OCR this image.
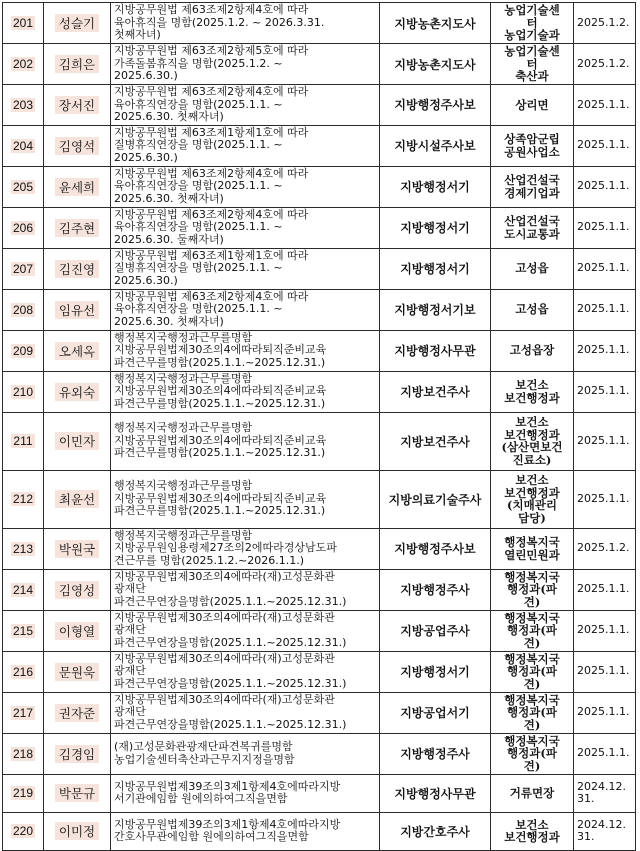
201	성슬기	지방공무원법 제63조제2항제4호에 따라
육아휴직을 명함(2025.1.2. ~ 2026.3.31.
첫째자녀)	지방농촌지도사	농업기술센
터
농업기술과	2025.1.2.
202	김희은	지방공무원법 제63조제2항제5호에 따라
가족돌봄휴직을 명함(2025.1.2. ~
2025.6.30.)	지방농촌지도사	농업기술센
터
축산과	2025.1.2.
203	장서진	지방공무원법 제63조제2항제4호에 따라
육아휴직연장을 명함(2025.1.1. ~
2025.6.30. 첫째자녀)	지방행정주사보	상리면	2025.1.1.
204	김영석	지방공무원법 제63조제1항제1호에 따라
질병휴직연장을 명함(2025.1.1. ~
2025.6.30.)	지방시설주사보	상족암군립
공원사업소	2025.1.1.
205	윤세희	지방공무원법 제63조제2항제4호에 따라
육아휴직연장을 명함(2025.1.1. ~
2025.6.30. 첫째자녀)	지방행정서기	산업건설국
경제기업과	2025.1.1.
206	김주현	지방공무원법 제63조제2항제4호에 따라
육아휴직연장을 명함(2025.1.1. ~
2025.6.30. 둘째자녀)	지방행정서기	산업건설국
도시교통과	2025.1.1.
207	김진영	지방공무원법 제63조제1항제1호에 따라
질병휴직연장을 명함(2025.1.1. ~
2025.6.30.)	지방행정서기	고성읍	2025.1.1.
208	임유선	지방공무원법 제63조제2항제4호에 따라
육아휴직연장을 명함(2025.1.1. ~
2025.6.30. 첫째자녀)	지방행정서기보	고성읍	2025.1.1.
209	오세옥	행정복지국행정과근무를명함
지방공무원법제30조의4에따라퇴직준비교육
파견근무를명함(2025.1.1.~2025.12.31.)	지방행정사무관	고성읍장	2025.1.1.
210	유외숙	행정복지국행정과근무를명함
지방공무원법제30조의4에따라퇴직준비교육
파견근무를명함(2025.1.1.~2025.12.31.)	지방보건주사	보건소
보건행정과	2025.1.1.
211	이민자	행정복지국행정과근무를명함
지방공무원법제30조의4에따라퇴직준비교육
파견근무를명함(2025.1.1.~2025.12.31.)	지방보건주사	보건소
보건행정과
(삼산면보건
진료소)	2025.1.1.
212	최윤선	행정복지국행정과근무를명함
지방공무원법제30조의4에따라퇴직준비교육
파견근무를명함(2025.1.1.~2025.12.31.)	지방의료기술주사	보건소
보건행정과
(치매관리
담당)	2025.1.1.
213	박원국	행정복지국행정과근무를명함
지방공무원임용령제27조의2에따라경상남도파
견근무를 명함(2025.1.2.~2026.1.1.)	지방행정주사보	행정복지국
열린민원과	2025.1.2.
214	김영성	지방공무원법제30조의4에따라(재)고성문화관
광재단
파견근무연장을명함(2025.1.1.~2025.12.31.)	지방행정주사	행정복지국
행정과(파
견)	2025.1.1.
215	이형열	지방공무원법제30조의4에따라(재)고성문화관
광재단
파견근무연장을명함(2025.1.1.~2025.12.31.)	지방공업주사	행정복지국
행정과(파
견)	2025.1.1.
216	문원욱	지방공무원법제30조의4에따라(재)고성문화관
광재단
파견근무연장을명함(2025.1.1.~2025.12.31.)	지방행정서기	행정복지국
행정과(파
견)	2025.1.1.
217	권자준	지방공무원법제30조의4에따라(재)고성문화관
광재단
파견근무연장을명함(2025.1.1.~2025.12.31.)	지방공업서기	행정복지국
행정과(파
견)	2025.1.1.
218	김경임	(재)고성문화관광재단파견복귀를명함
농업기술센터축산과근무지지정을명함	지방행정주사	행정복지국
행정과(파
견)	2025.1.1.
219	박문규	지방공무원법제39조의3제1항제4호에따라지방
서기관에임함 원에의하여그직을면함	지방행정사무관	거류면장	2024.12.
31.
220	이미정	지방공무원법제39조의3제1항제4호에따라지방
간호사무관에임함 원에의하여그직을면함	지방간호주사	보건소
보건행정과	2024.12.
31.
